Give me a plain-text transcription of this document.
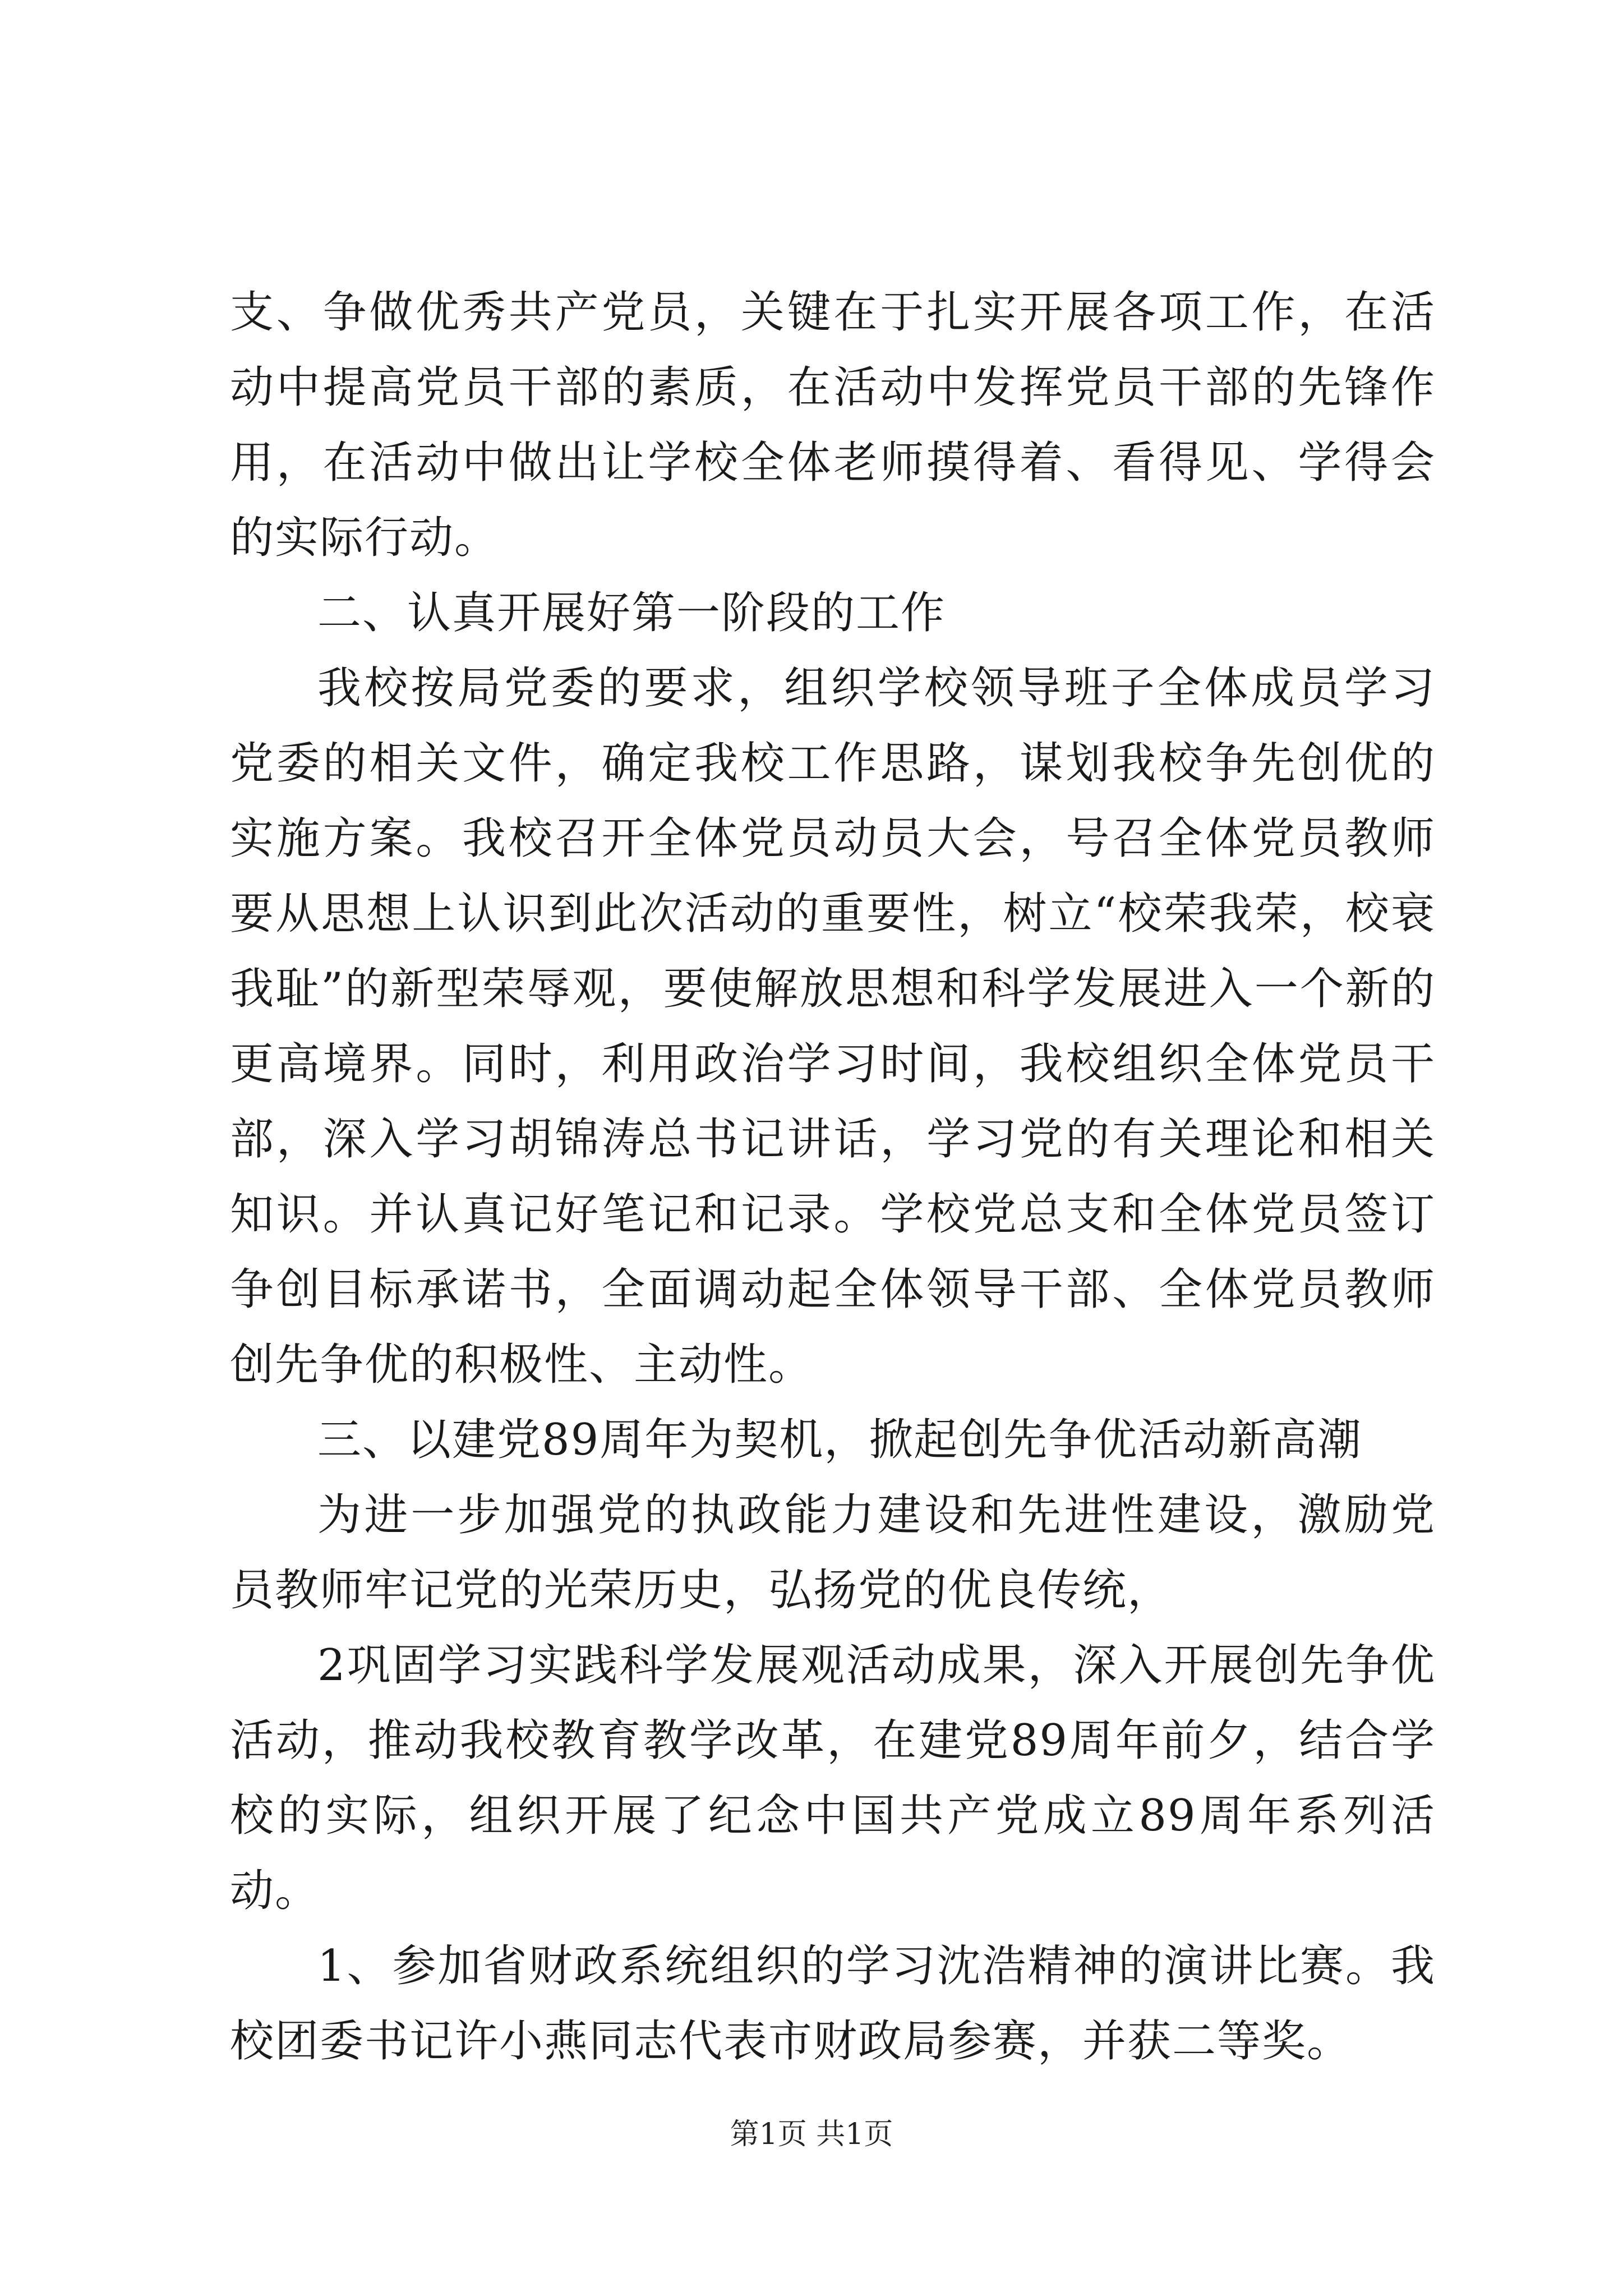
支、争做优秀共产党员，关键在于扎实开展各项工作，在活动中提高党员干部的素质，在活动中发挥党员干部的先锋作用，在活动中做出让学校全体老师摸得着、看得见、学得会的实际行动。

二、认真开展好第一阶段的工作

我校按局党委的要求，组织学校领导班子全体成员学习党委的相关文件，确定我校工作思路，谋划我校争先创优的实施方案。我校召开全体党员动员大会，号召全体党员教师要从思想上认识到此次活动的重要性，树立“校荣我荣，校衰我耻”的新型荣辱观，要使解放思想和科学发展进入一个新的更高境界。同时，利用政治学习时间，我校组织全体党员干部，深入学习胡锦涛总书记讲话，学习党的有关理论和相关知识。并认真记好笔记和记录。学校党总支和全体党员签订争创目标承诺书，全面调动起全体领导干部、全体党员教师创先争优的积极性、主动性。

三、以建党89周年为契机，掀起创先争优活动新高潮

为进一步加强党的执政能力建设和先进性建设，激励党员教师牢记党的光荣历史，弘扬党的优良传统，

2巩固学习实践科学发展观活动成果，深入开展创先争优活动，推动我校教育教学改革，在建党89周年前夕，结合学校的实际，组织开展了纪念中国共产党成立89周年系列活动。

1、参加省财政系统组织的学习沈浩精神的演讲比赛。我校团委书记许小燕同志代表市财政局参赛，并获二等奖。

第1页 共1页
